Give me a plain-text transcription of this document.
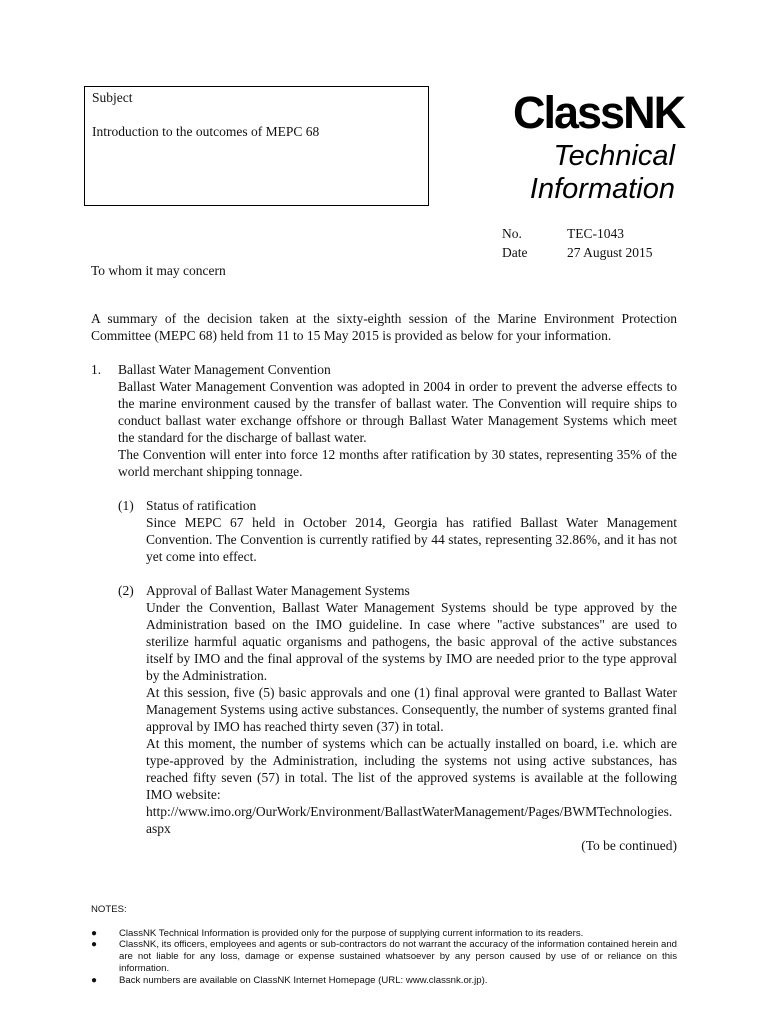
Subject
Introduction to the outcomes of MEPC 68	ClassNK
Technical
Information
No.	TEC-1043
Date	27 August 2015
To whom it may concern

A summary of the decision taken at the sixty-eighth session of the Marine Environment Protection Committee (MEPC 68) held from 11 to 15 May 2015 is provided as below for your information.

1.	Ballast Water Management Convention

Ballast Water Management Convention was adopted in 2004 in order to prevent the adverse effects to the marine environment caused by the transfer of ballast water. The Convention will require ships to conduct ballast water exchange offshore or through Ballast Water Management Systems which meet the standard for the discharge of ballast water.

The Convention will enter into force 12 months after ratification by 30 states, representing 35% of the world merchant shipping tonnage.

(1) Status of ratification

Since MEPC 67 held in October 2014, Georgia has ratified Ballast Water Management Convention. The Convention is currently ratified by 44 states, representing 32.86%, and it has not yet come into effect.

(2) Approval of Ballast Water Management Systems

Under the Convention, Ballast Water Management Systems should be type approved by the Administration based on the IMO guideline. In case where "active substances" are used to sterilize harmful aquatic organisms and pathogens, the basic approval of the active substances itself by IMO and the final approval of the systems by IMO are needed prior to the type approval by the Administration.

At this session, five (5) basic approvals and one (1) final approval were granted to Ballast Water Management Systems using active substances. Consequently, the number of systems granted final approval by IMO has reached thirty seven (37) in total.

At this moment, the number of systems which can be actually installed on board, i.e. which are type-approved by the Administration, including the systems not using active substances, has reached fifty seven (57) in total. The list of the approved systems is available at the following IMO website:

http://www.imo.org/OurWork/Environment/BallastWaterManagement/Pages/BWMTechnologies.aspx

(To be continued)

NOTES:
●	ClassNK Technical Information is provided only for the purpose of supplying current information to its readers.
●	ClassNK, its officers, employees and agents or sub-contractors do not warrant the accuracy of the information contained herein and are not liable for any loss, damage or expense sustained whatsoever by any person caused by use of or reliance on this information.
●	Back numbers are available on ClassNK Internet Homepage (URL: www.classnk.or.jp).
